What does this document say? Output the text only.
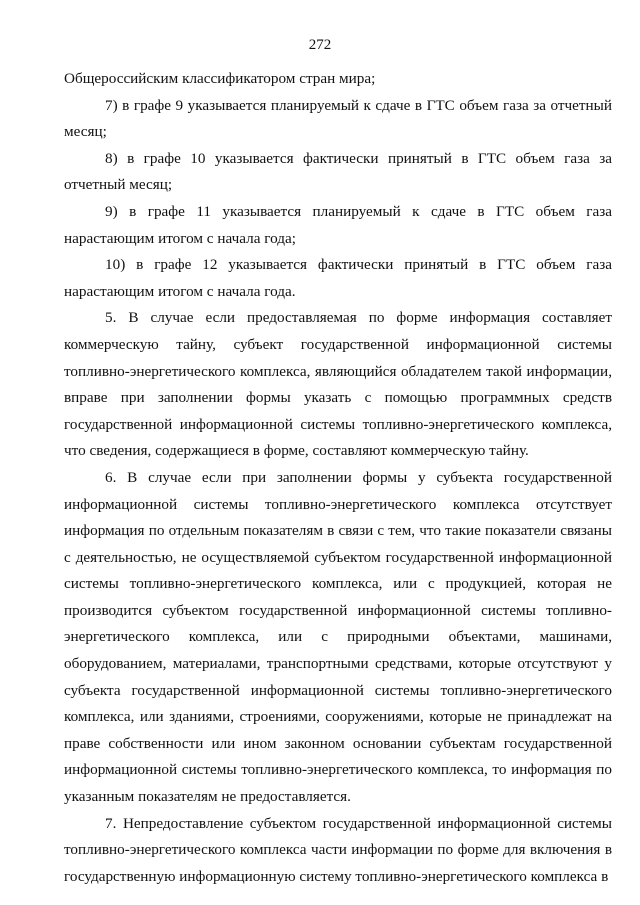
272

Общероссийским классификатором стран мира;

7) в графе 9 указывается планируемый к сдаче в ГТС объем газа за отчетный месяц;

8) в графе 10 указывается фактически принятый в ГТС объем газа за отчетный месяц;

9) в графе 11 указывается планируемый к сдаче в ГТС объем газа нарастающим итогом с начала года;

10) в графе 12 указывается фактически принятый в ГТС объем газа нарастающим итогом с начала года.

5. В случае если предоставляемая по форме информация составляет коммерческую тайну, субъект государственной информационной системы топливно-энергетического комплекса, являющийся обладателем такой информации, вправе при заполнении формы указать с помощью программных средств государственной информационной системы топливно-энергетического комплекса, что сведения, содержащиеся в форме, составляют коммерческую тайну.

6. В случае если при заполнении формы у субъекта государственной информационной системы топливно-энергетического комплекса отсутствует информация по отдельным показателям в связи с тем, что такие показатели связаны с деятельностью, не осуществляемой субъектом государственной информационной системы топливно-энергетического комплекса, или с продукцией, которая не производится субъектом государственной информационной системы топливно-энергетического комплекса, или с природными объектами, машинами, оборудованием, материалами, транспортными средствами, которые отсутствуют у субъекта государственной информационной системы топливно-энергетического комплекса, или зданиями, строениями, сооружениями, которые не принадлежат на праве собственности или ином законном основании субъектам государственной информационной системы топливно-энергетического комплекса, то информация по указанным показателям не предоставляется.

7. Непредоставление субъектом государственной информационной системы топливно-энергетического комплекса части информации по форме для включения в государственную информационную систему топливно-энергетического комплекса в
